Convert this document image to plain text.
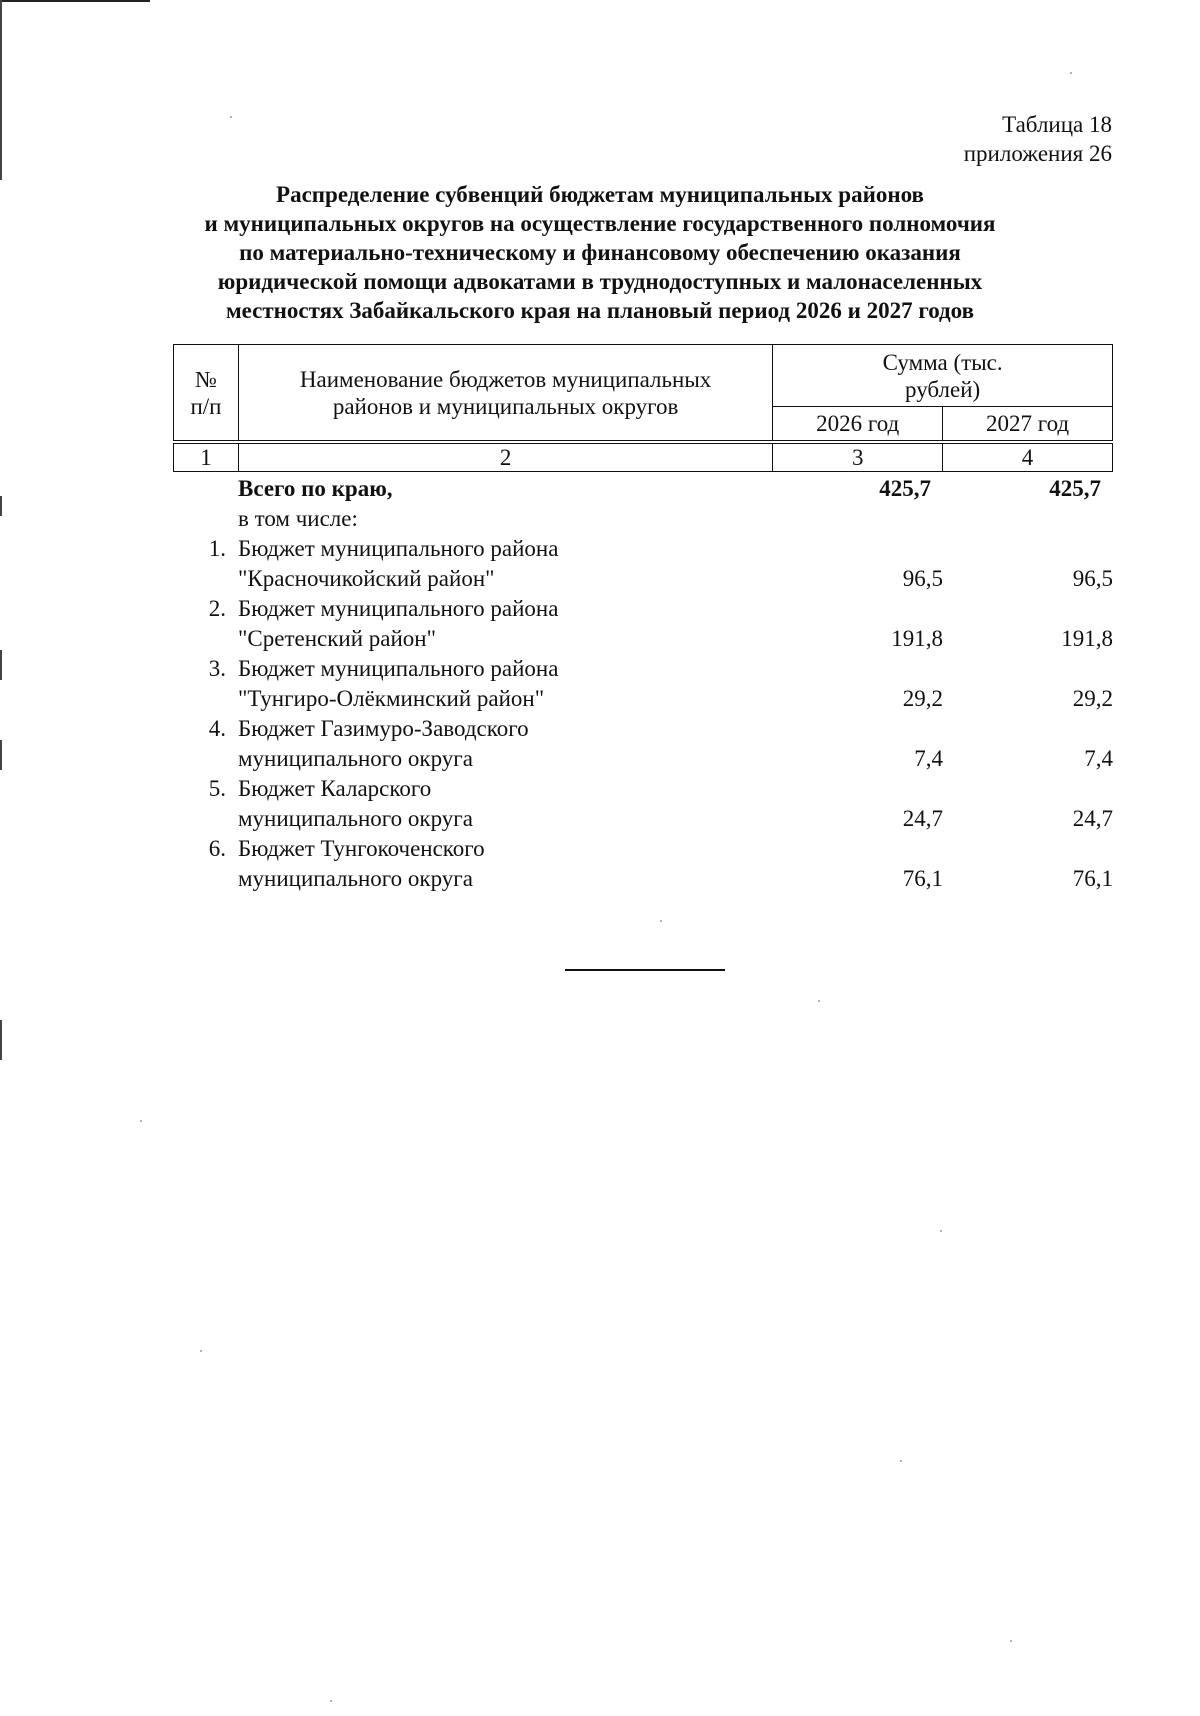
Таблица 18
приложения 26
Распределение субвенций бюджетам муниципальных районов
и муниципальных округов на осуществление государственного полномочия
по материально-техническому и финансовому обеспечению оказания
юридической помощи адвокатами в труднодоступных и малонаселенных
местностях Забайкальского края на плановый период 2026 и 2027 годов
№ п/п	Наименование бюджетов муниципальных районов и муниципальных округов	Сумма (тыс. рублей)	
		2026 год	2027 год

1	2	3	4
	Всего по краю,	425,7	425,7
	в том числе:		
1.	Бюджет муниципального района
"Красночикойский район"	96,5	96,5
2.	Бюджет муниципального района
"Сретенский район"	191,8	191,8
3.	Бюджет муниципального района
"Тунгиро-Олёкминский район"	29,2	29,2
4.	Бюджет Газимуро-Заводского
муниципального округа	7,4	7,4
5.	Бюджет Каларского
муниципального округа	24,7	24,7
6.	Бюджет Тунгокоченского
муниципального округа	76,1	76,1
